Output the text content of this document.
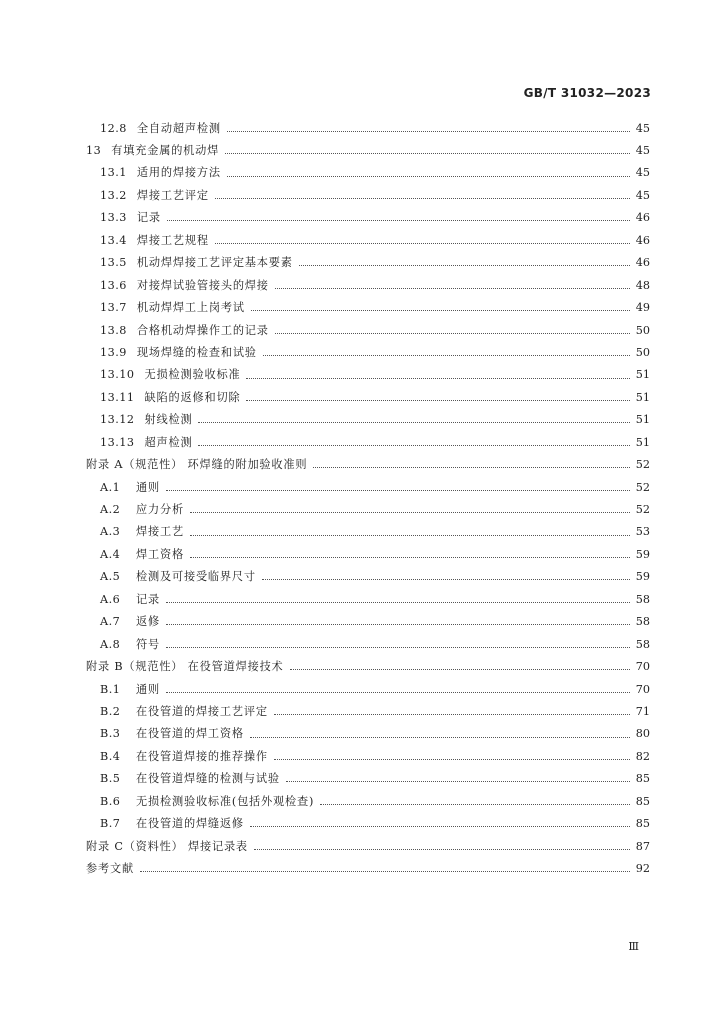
GB/T 31032—2023
12.8 全自动超声检测	45
13 有填充金属的机动焊	45
13.1 适用的焊接方法	45
13.2 焊接工艺评定	45
13.3 记录	46
13.4 焊接工艺规程	46
13.5 机动焊焊接工艺评定基本要素	46
13.6 对接焊试验管接头的焊接	48
13.7 机动焊焊工上岗考试	49
13.8 合格机动焊操作工的记录	50
13.9 现场焊缝的检查和试验	50
13.10 无损检测验收标准	51
13.11 缺陷的返修和切除	51
13.12 射线检测	51
13.13 超声检测	51
附录 A（规范性） 环焊缝的附加验收准则	52
A.1	通则	52
A.2	应力分析	52
A.3	焊接工艺	53
A.4	焊工资格	59
A.5	检测及可接受临界尺寸	59
A.6	记录	58
A.7	返修	58
A.8	符号	58
附录 B（规范性） 在役管道焊接技术	70
B.1	通则	70
B.2	在役管道的焊接工艺评定	71
B.3	在役管道的焊工资格	80
B.4	在役管道焊接的推荐操作	82
B.5	在役管道焊缝的检测与试验	85
B.6	无损检测验收标准(包括外观检查)	85
B.7	在役管道的焊缝返修	85
附录 C（资料性） 焊接记录表	87
参考文献	92
Ⅲ
